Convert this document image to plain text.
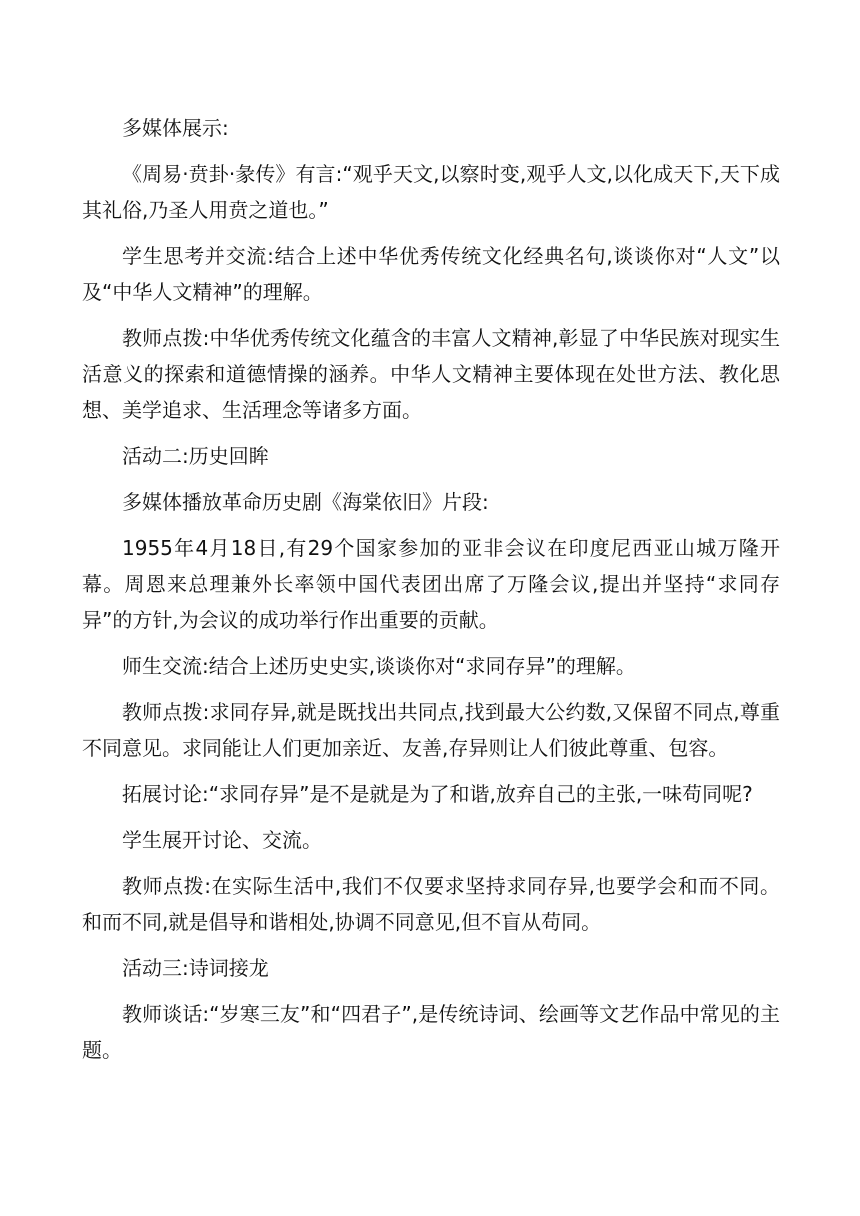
多媒体展示:

《周易·贲卦·彖传》有言:“观乎天文,以察时变,观乎人文,以化成天下,天下成其礼俗,乃圣人用贲之道也。”

学生思考并交流:结合上述中华优秀传统文化经典名句,谈谈你对“人文”以及“中华人文精神”的理解。

教师点拨:中华优秀传统文化蕴含的丰富人文精神,彰显了中华民族对现实生活意义的探索和道德情操的涵养。中华人文精神主要体现在处世方法、教化思想、美学追求、生活理念等诸多方面。

活动二:历史回眸

多媒体播放革命历史剧《海棠依旧》片段:

1955年4月18日,有29个国家参加的亚非会议在印度尼西亚山城万隆开幕。周恩来总理兼外长率领中国代表团出席了万隆会议,提出并坚持“求同存异”的方针,为会议的成功举行作出重要的贡献。

师生交流:结合上述历史史实,谈谈你对“求同存异”的理解。

教师点拨:求同存异,就是既找出共同点,找到最大公约数,又保留不同点,尊重不同意见。求同能让人们更加亲近、友善,存异则让人们彼此尊重、包容。

拓展讨论:“求同存异”是不是就是为了和谐,放弃自己的主张,一味苟同呢?

学生展开讨论、交流。

教师点拨:在实际生活中,我们不仅要求坚持求同存异,也要学会和而不同。和而不同,就是倡导和谐相处,协调不同意见,但不盲从苟同。

活动三:诗词接龙

教师谈话:“岁寒三友”和“四君子”,是传统诗词、绘画等文艺作品中常见的主题。
